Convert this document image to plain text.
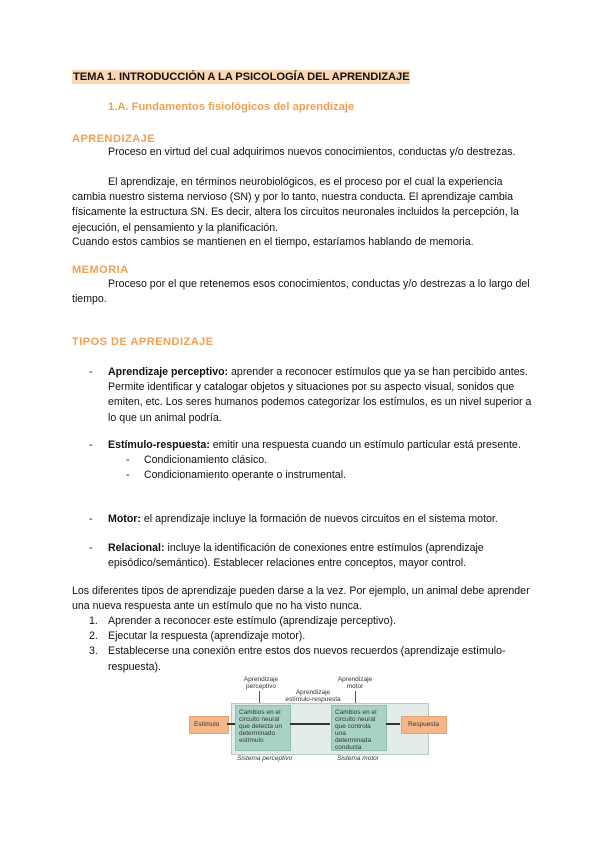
TEMA 1. INTRODUCCIÓN A LA PSICOLOGÍA DEL APRENDIZAJE
1.A. Fundamentos fisiológicos del aprendizaje
APRENDIZAJE
Proceso en virtud del cual adquirimos nuevos conocimientos, conductas y/o destrezas.
El aprendizaje, en términos neurobiológicos, es el proceso por el cual la experiencia cambia nuestro sistema nervioso (SN) y por lo tanto, nuestra conducta. El aprendizaje cambia físicamente la estructura SN. Es decir, altera los circuitos neuronales incluidos la percepción, la ejecución, el pensamiento y la planificación.
Cuando estos cambios se mantienen en el tiempo, estaríamos hablando de memoria.
MEMORIA
Proceso por el que retenemos esos conocimientos, conductas y/o destrezas a lo largo del tiempo.
TIPOS DE APRENDIZAJE
- Aprendizaje perceptivo: aprender a reconocer estímulos que ya se han percibido antes. Permite identificar y catalogar objetos y situaciones por su aspecto visual, sonidos que emiten, etc. Los seres humanos podemos categorizar los estímulos, es un nivel superior a lo que un animal podría.
- Estímulo-respuesta: emitir una respuesta cuando un estímulo particular está presente.
- Condicionamiento clásico.
- Condicionamiento operante o instrumental.
- Motor: el aprendizaje incluye la formación de nuevos circuitos en el sistema motor.
- Relacional: incluye la identificación de conexiones entre estímulos (aprendizaje episódico/semántico). Establecer relaciones entre conceptos, mayor control.
Los diferentes tipos de aprendizaje pueden darse a la vez. Por ejemplo, un animal debe aprender una nueva respuesta ante un estímulo que no ha visto nunca.
1. Aprender a reconocer este estímulo (aprendizaje perceptivo).
2. Ejecutar la respuesta (aprendizaje motor).
3. Establecerse una conexión entre estos dos nuevos recuerdos (aprendizaje estímulo-respuesta).
Aprendizaje perceptivo
Aprendizaje motor
Aprendizaje estímulo-respuesta
Estímulo
Cambios en el circuito neural que detecta un determinado estímulo
Cambios en el circuito neural que controla una determinada conducta
Respuesta
Sistema perceptivo	Sistema motor
